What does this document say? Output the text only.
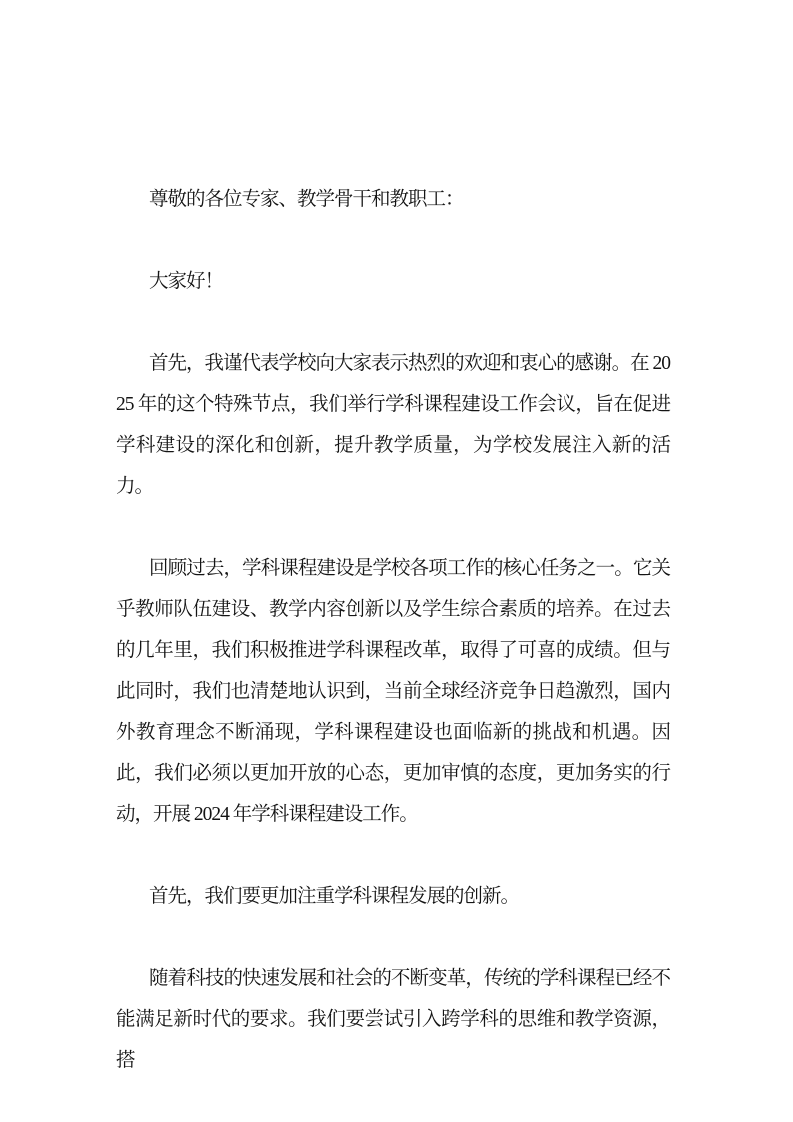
尊敬的各位专家、教学骨干和教职工：

大家好！

首先，我谨代表学校向大家表示热烈的欢迎和衷心的感谢。在 2025 年的这个特殊节点，我们举行学科课程建设工作会议，旨在促进学科建设的深化和创新，提升教学质量，为学校发展注入新的活力。

回顾过去，学科课程建设是学校各项工作的核心任务之一。它关乎教师队伍建设、教学内容创新以及学生综合素质的培养。在过去的几年里，我们积极推进学科课程改革，取得了可喜的成绩。但与此同时，我们也清楚地认识到，当前全球经济竞争日趋激烈，国内外教育理念不断涌现，学科课程建设也面临新的挑战和机遇。因此，我们必须以更加开放的心态，更加审慎的态度，更加务实的行动，开展 2024 年学科课程建设工作。

首先，我们要更加注重学科课程发展的创新。

随着科技的快速发展和社会的不断变革，传统的学科课程已经不能满足新时代的要求。我们要尝试引入跨学科的思维和教学资源，搭
